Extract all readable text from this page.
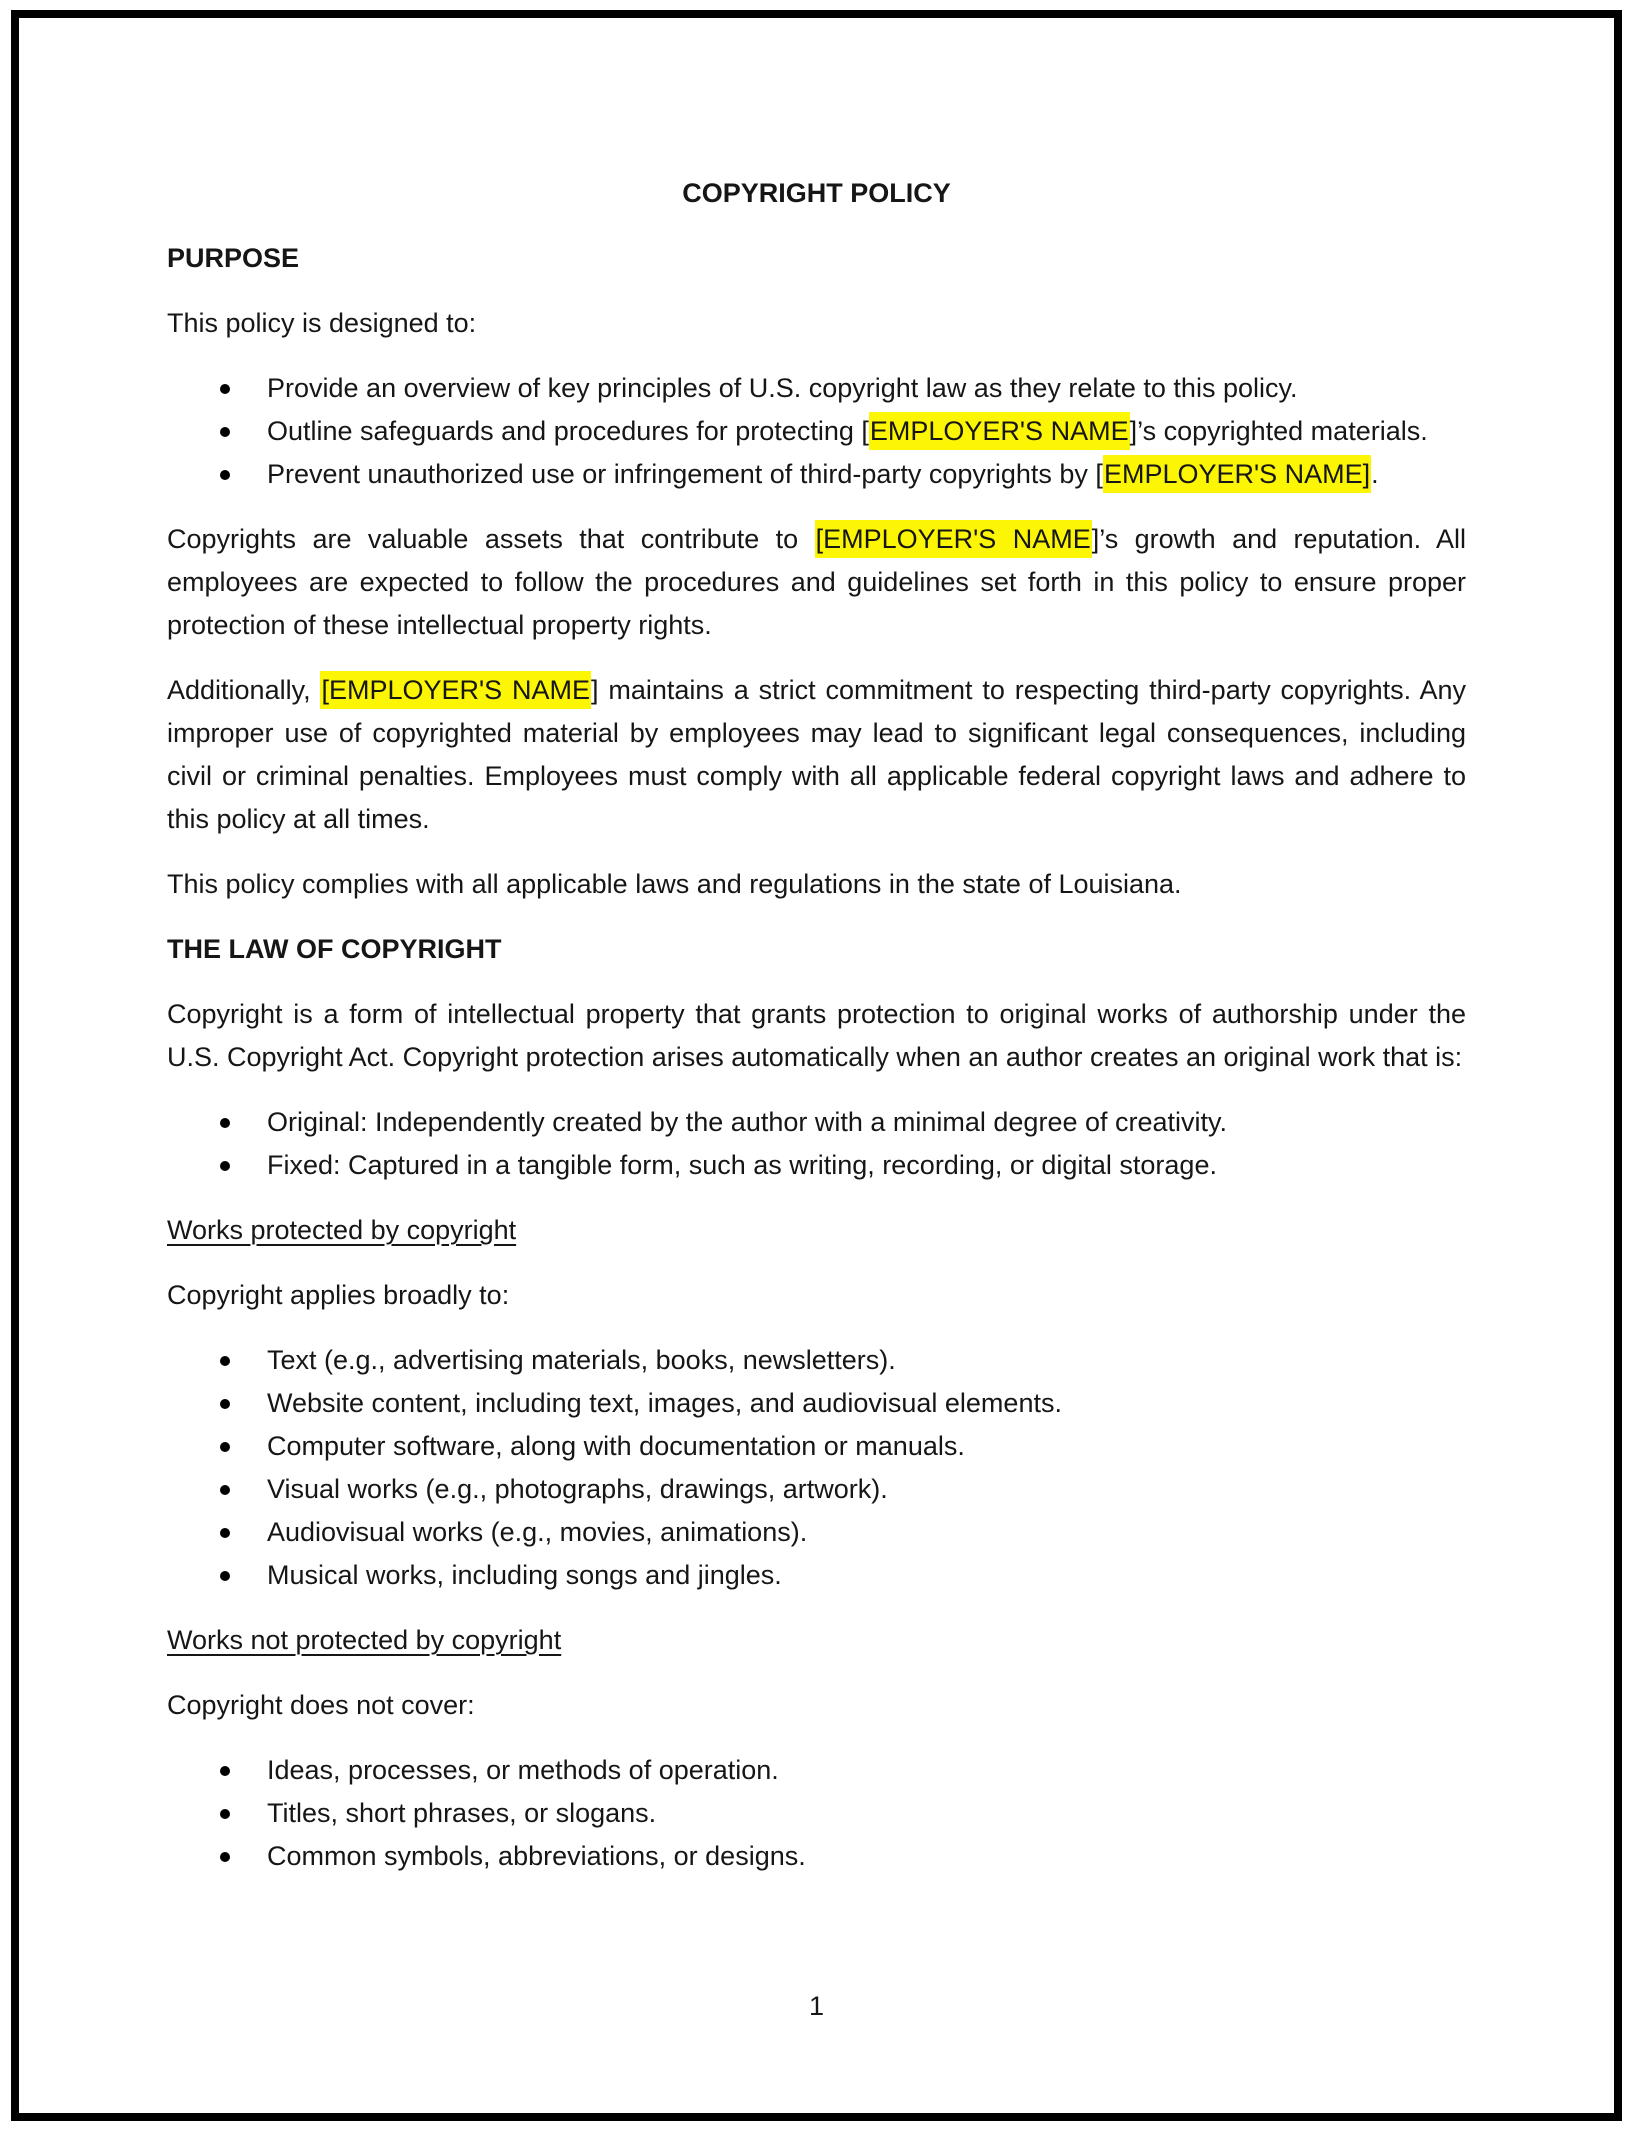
COPYRIGHT POLICY
PURPOSE

This policy is designed to:

Provide an overview of key principles of U.S. copyright law as they relate to this policy.
Outline safeguards and procedures for protecting [EMPLOYER'S NAME]’s copyrighted materials.
Prevent unauthorized use or infringement of third-party copyrights by [EMPLOYER'S NAME].

Copyrights are valuable assets that contribute to [EMPLOYER'S NAME]’s growth and reputation. All employees are expected to follow the procedures and guidelines set forth in this policy to ensure proper protection of these intellectual property rights.

Additionally, [EMPLOYER'S NAME] maintains a strict commitment to respecting third-party copyrights. Any improper use of copyrighted material by employees may lead to significant legal consequences, including civil or criminal penalties. Employees must comply with all applicable federal copyright laws and adhere to this policy at all times.

This policy complies with all applicable laws and regulations in the state of Louisiana.

THE LAW OF COPYRIGHT

Copyright is a form of intellectual property that grants protection to original works of authorship under the U.S. Copyright Act. Copyright protection arises automatically when an author creates an original work that is:

Original: Independently created by the author with a minimal degree of creativity.
Fixed: Captured in a tangible form, such as writing, recording, or digital storage.
Works protected by copyright

Copyright applies broadly to:

Text (e.g., advertising materials, books, newsletters).
Website content, including text, images, and audiovisual elements.
Computer software, along with documentation or manuals.
Visual works (e.g., photographs, drawings, artwork).
Audiovisual works (e.g., movies, animations).
Musical works, including songs and jingles.
Works not protected by copyright

Copyright does not cover:

Ideas, processes, or methods of operation.
Titles, short phrases, or slogans.
Common symbols, abbreviations, or designs.
1
